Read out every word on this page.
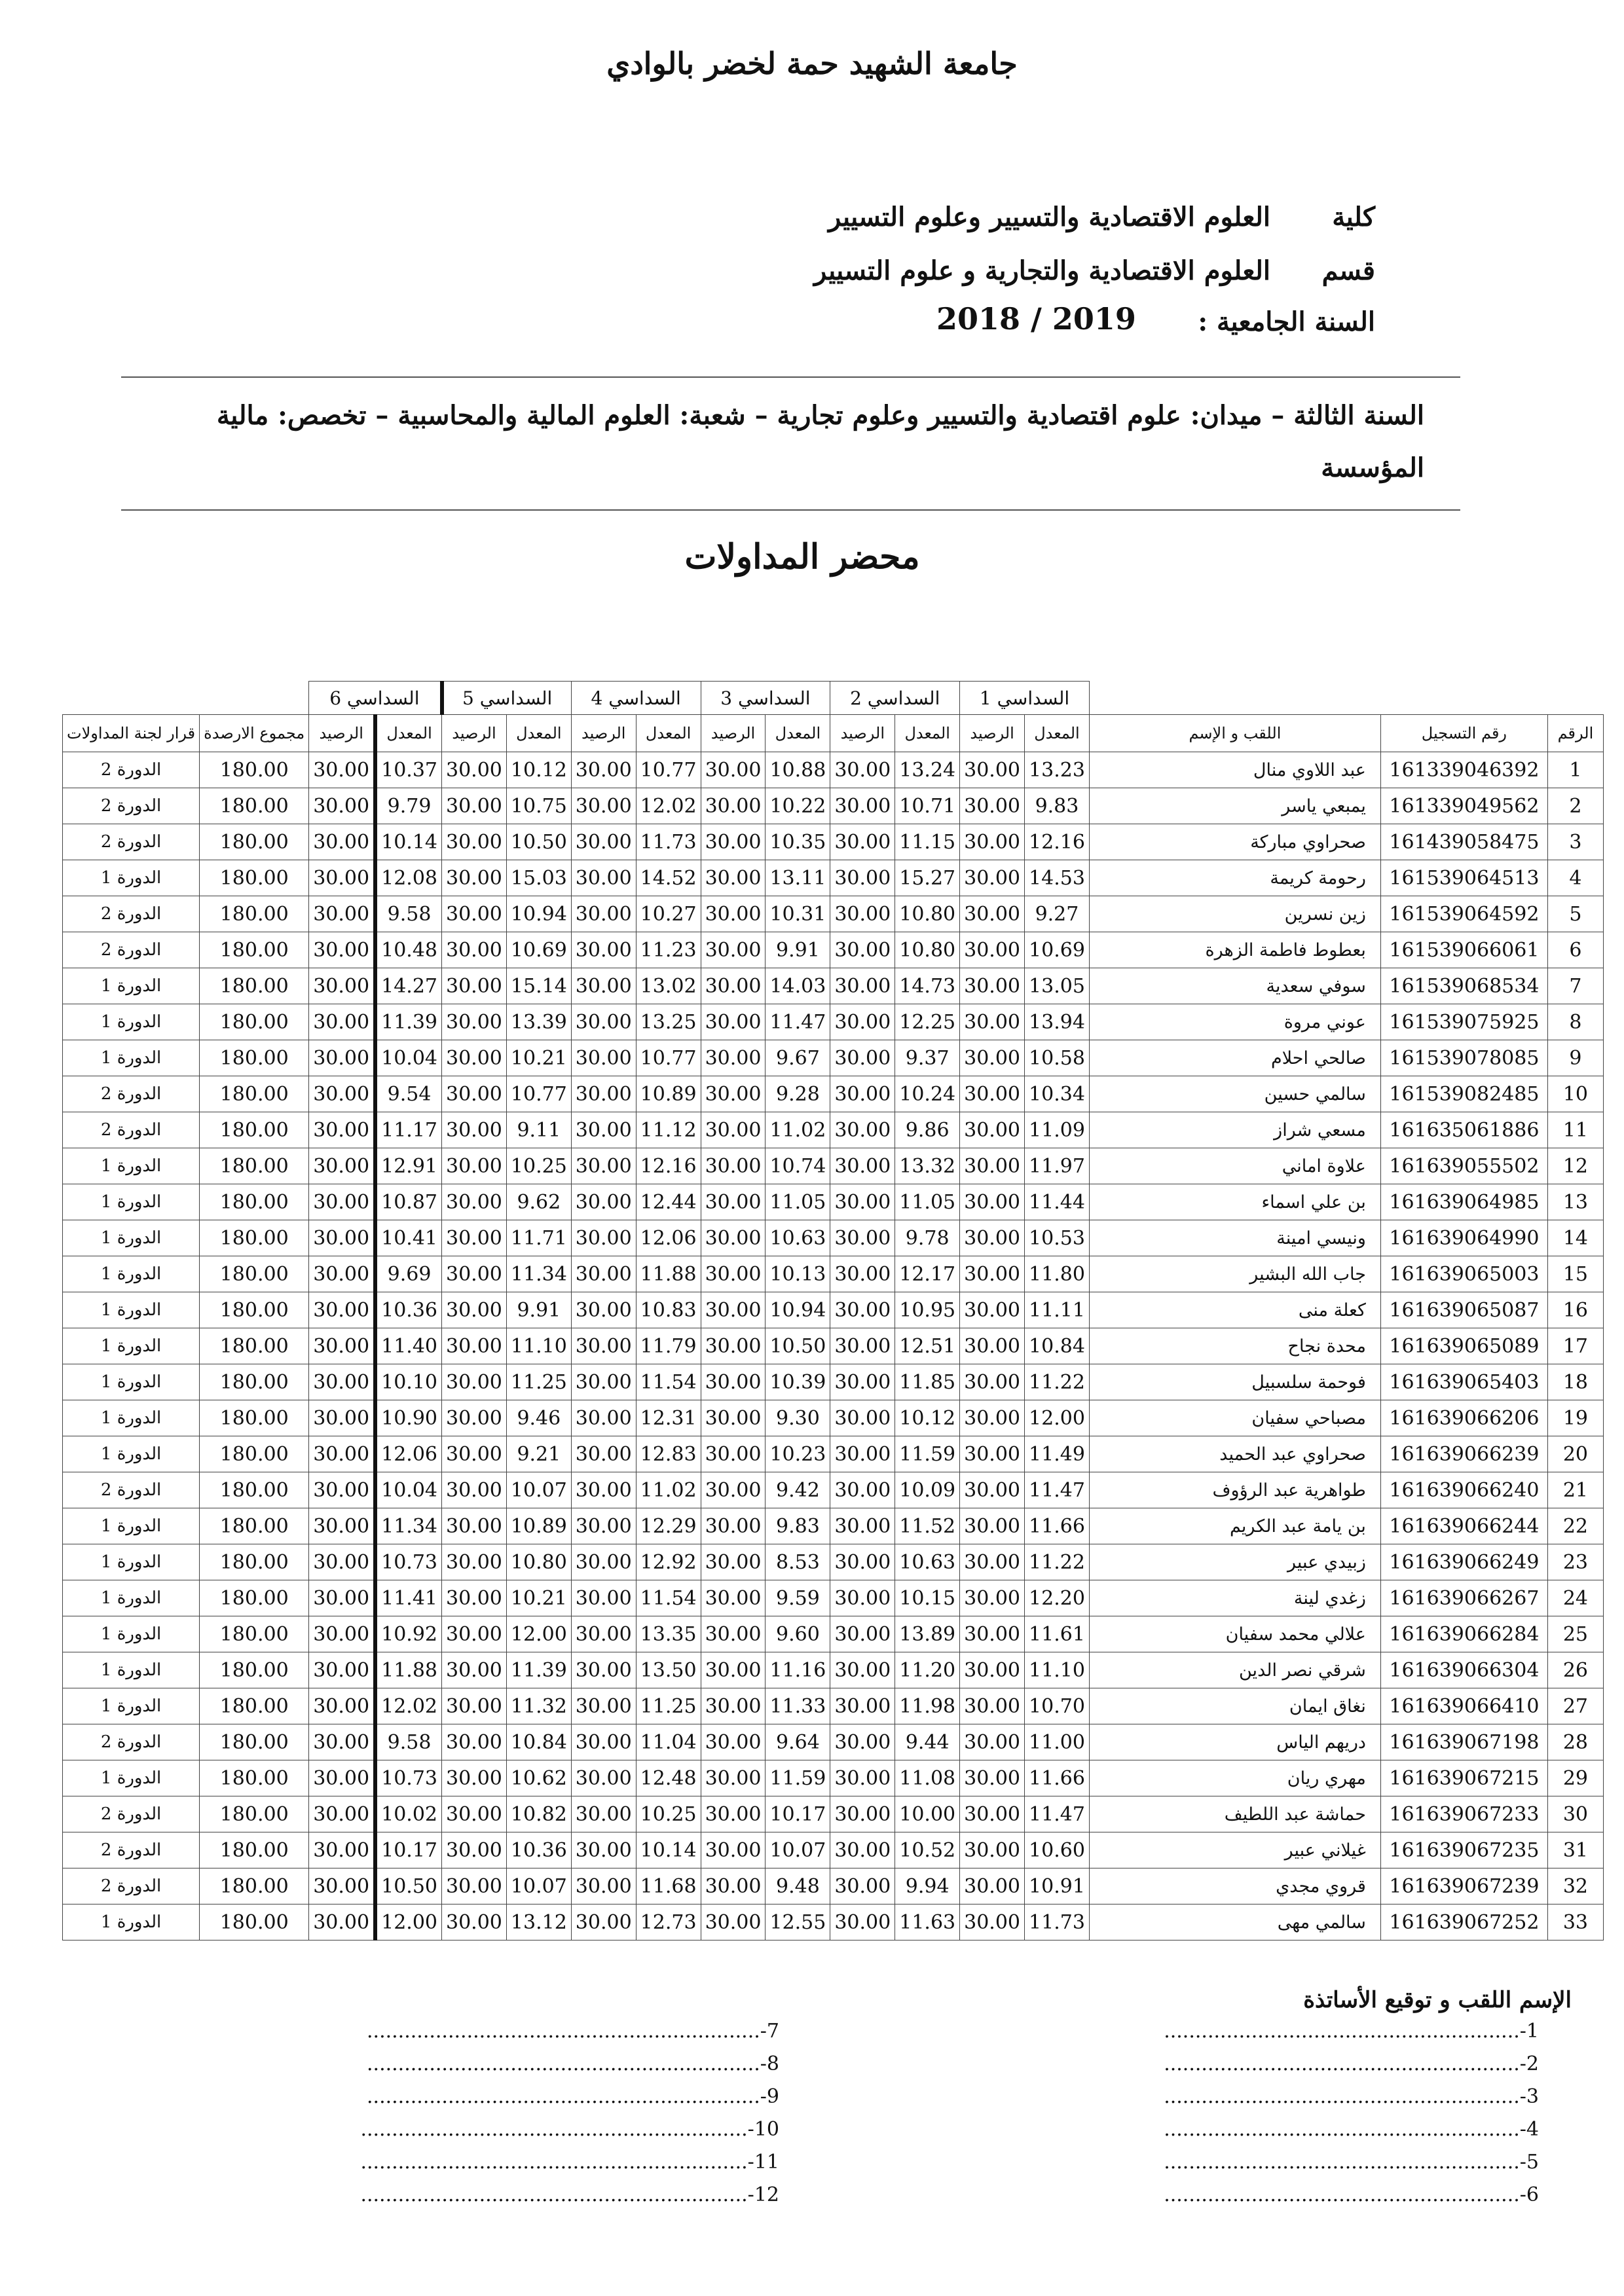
جامعة الشهيد حمة لخضر بالوادي
كليةالعلوم الاقتصادية والتسيير وعلوم التسيير
قسمالعلوم الاقتصادية والتجارية و علوم التسيير
السنة الجامعية :
2018 / 2019
السنة الثالثة – ميدان: علوم اقتصادية والتسيير وعلوم تجارية – شعبة: العلوم المالية والمحاسبية – تخصص: مالية المؤسسة
محضر المداولات
		السداسي 6		السداسي 5		السداسي 4		السداسي 3		السداسي 2		السداسي 1				

قرار لجنة المداولات	مجموع الارصدة	الرصيد	المعدل	الرصيد	المعدل	الرصيد	المعدل	الرصيد	المعدل	الرصيد	المعدل	الرصيد	المعدل	اللقب و الإسم	رقم التسجيل	الرقم
الدورة 2	180.00	30.00	10.37	30.00	10.12	30.00	10.77	30.00	10.88	30.00	13.24	30.00	13.23	عبد اللاوي منال	161339046392	1
الدورة 2	180.00	30.00	9.79	30.00	10.75	30.00	12.02	30.00	10.22	30.00	10.71	30.00	9.83	يمبعي ياسر	161339049562	2
الدورة 2	180.00	30.00	10.14	30.00	10.50	30.00	11.73	30.00	10.35	30.00	11.15	30.00	12.16	صحراوي مباركة	161439058475	3
الدورة 1	180.00	30.00	12.08	30.00	15.03	30.00	14.52	30.00	13.11	30.00	15.27	30.00	14.53	رحومة كريمة	161539064513	4
الدورة 2	180.00	30.00	9.58	30.00	10.94	30.00	10.27	30.00	10.31	30.00	10.80	30.00	9.27	زين نسرين	161539064592	5
الدورة 2	180.00	30.00	10.48	30.00	10.69	30.00	11.23	30.00	9.91	30.00	10.80	30.00	10.69	بعطوط فاطمة الزهرة	161539066061	6
الدورة 1	180.00	30.00	14.27	30.00	15.14	30.00	13.02	30.00	14.03	30.00	14.73	30.00	13.05	سوفي سعدية	161539068534	7
الدورة 1	180.00	30.00	11.39	30.00	13.39	30.00	13.25	30.00	11.47	30.00	12.25	30.00	13.94	عوني مروة	161539075925	8
الدورة 1	180.00	30.00	10.04	30.00	10.21	30.00	10.77	30.00	9.67	30.00	9.37	30.00	10.58	صالحي احلام	161539078085	9
الدورة 2	180.00	30.00	9.54	30.00	10.77	30.00	10.89	30.00	9.28	30.00	10.24	30.00	10.34	سالمي حسين	161539082485	10
الدورة 2	180.00	30.00	11.17	30.00	9.11	30.00	11.12	30.00	11.02	30.00	9.86	30.00	11.09	مسعي شراز	161635061886	11
الدورة 1	180.00	30.00	12.91	30.00	10.25	30.00	12.16	30.00	10.74	30.00	13.32	30.00	11.97	علاوة اماني	161639055502	12
الدورة 1	180.00	30.00	10.87	30.00	9.62	30.00	12.44	30.00	11.05	30.00	11.05	30.00	11.44	بن علي اسماء	161639064985	13
الدورة 1	180.00	30.00	10.41	30.00	11.71	30.00	12.06	30.00	10.63	30.00	9.78	30.00	10.53	ونيسي امينة	161639064990	14
الدورة 1	180.00	30.00	9.69	30.00	11.34	30.00	11.88	30.00	10.13	30.00	12.17	30.00	11.80	جاب الله البشير	161639065003	15
الدورة 1	180.00	30.00	10.36	30.00	9.91	30.00	10.83	30.00	10.94	30.00	10.95	30.00	11.11	كعلة منى	161639065087	16
الدورة 1	180.00	30.00	11.40	30.00	11.10	30.00	11.79	30.00	10.50	30.00	12.51	30.00	10.84	محدة نجاح	161639065089	17
الدورة 1	180.00	30.00	10.10	30.00	11.25	30.00	11.54	30.00	10.39	30.00	11.85	30.00	11.22	فوحمة سلسبيل	161639065403	18
الدورة 1	180.00	30.00	10.90	30.00	9.46	30.00	12.31	30.00	9.30	30.00	10.12	30.00	12.00	مصباحي سفيان	161639066206	19
الدورة 1	180.00	30.00	12.06	30.00	9.21	30.00	12.83	30.00	10.23	30.00	11.59	30.00	11.49	صحراوي عبد الحميد	161639066239	20
الدورة 2	180.00	30.00	10.04	30.00	10.07	30.00	11.02	30.00	9.42	30.00	10.09	30.00	11.47	طواهرية عبد الرؤوف	161639066240	21
الدورة 1	180.00	30.00	11.34	30.00	10.89	30.00	12.29	30.00	9.83	30.00	11.52	30.00	11.66	بن يامة عبد الكريم	161639066244	22
الدورة 1	180.00	30.00	10.73	30.00	10.80	30.00	12.92	30.00	8.53	30.00	10.63	30.00	11.22	زبيدي عبير	161639066249	23
الدورة 1	180.00	30.00	11.41	30.00	10.21	30.00	11.54	30.00	9.59	30.00	10.15	30.00	12.20	زغدي لينة	161639066267	24
الدورة 1	180.00	30.00	10.92	30.00	12.00	30.00	13.35	30.00	9.60	30.00	13.89	30.00	11.61	علالي محمد سفيان	161639066284	25
الدورة 1	180.00	30.00	11.88	30.00	11.39	30.00	13.50	30.00	11.16	30.00	11.20	30.00	11.10	شرقي نصر الدين	161639066304	26
الدورة 1	180.00	30.00	12.02	30.00	11.32	30.00	11.25	30.00	11.33	30.00	11.98	30.00	10.70	نغاق ايمان	161639066410	27
الدورة 2	180.00	30.00	9.58	30.00	10.84	30.00	11.04	30.00	9.64	30.00	9.44	30.00	11.00	دريهم الياس	161639067198	28
الدورة 1	180.00	30.00	10.73	30.00	10.62	30.00	12.48	30.00	11.59	30.00	11.08	30.00	11.66	مهري ريان	161639067215	29
الدورة 2	180.00	30.00	10.02	30.00	10.82	30.00	10.25	30.00	10.17	30.00	10.00	30.00	11.47	حماشة عبد اللطيف	161639067233	30
الدورة 2	180.00	30.00	10.17	30.00	10.36	30.00	10.14	30.00	10.07	30.00	10.52	30.00	10.60	غيلاني عبير	161639067235	31
الدورة 2	180.00	30.00	10.50	30.00	10.07	30.00	11.68	30.00	9.48	30.00	9.94	30.00	10.91	قروي مجدي	161639067239	32
الدورة 1	180.00	30.00	12.00	30.00	13.12	30.00	12.73	30.00	12.55	30.00	11.63	30.00	11.73	سالمي مهى	161639067252	33
الإسم اللقب و توقيع الأساتذة
.........................................................-1
...............................................................-7
.........................................................-2
...............................................................-8
.........................................................-3
...............................................................-9
.........................................................-4
..............................................................-10
.........................................................-5
..............................................................-11
.........................................................-6
..............................................................-12
